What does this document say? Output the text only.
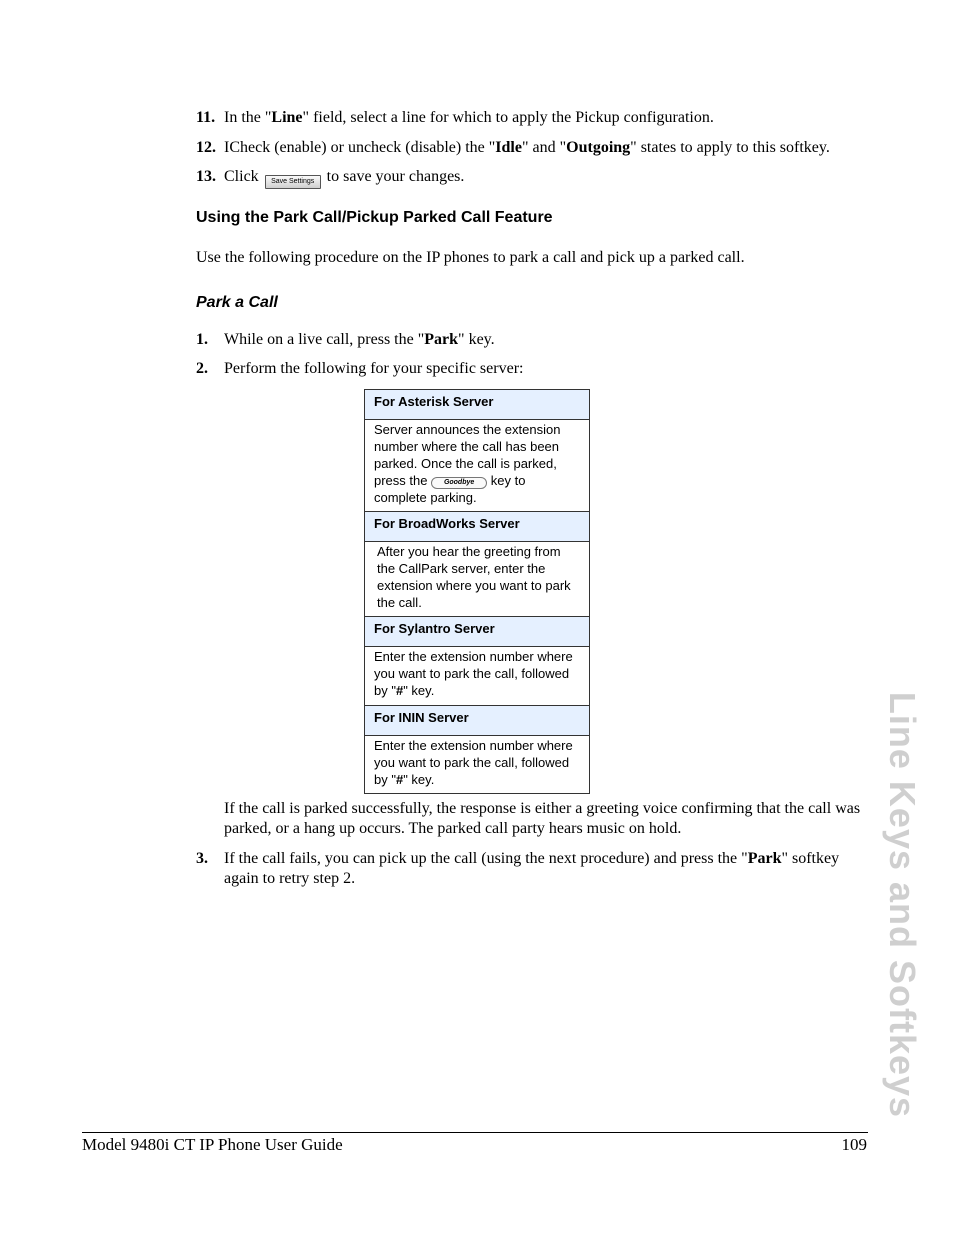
11. In the "Line" field, select a line for which to apply the Pickup configuration.
12. ICheck (enable) or uncheck (disable) the "Idle" and "Outgoing" states to apply to this softkey.
13. Click Save Settings to save your changes.
Using the Park Call/Pickup Parked Call Feature
Use the following procedure on the IP phones to park a call and pick up a parked call.
Park a Call
1. While on a live call, press the "Park" key.
2. Perform the following for your specific server:
For Asterisk Server
Server announces the extension number where the call has been parked. Once the call is parked, press the Goodbye key to complete parking.
For BroadWorks Server
After you hear the greeting from the CallPark server, enter the extension where you want to park the call.
For Sylantro Server
Enter the extension number where you want to park the call, followed by "#" key.
For ININ Server
Enter the extension number where you want to park the call, followed by "#" key.
If the call is parked successfully, the response is either a greeting voice confirming that the call was parked, or a hang up occurs. The parked call party hears music on hold.
3. If the call fails, you can pick up the call (using the next procedure) and press the "Park" softkey again to retry step 2.	Line Keys and Softkeys
Model 9480i CT IP Phone User Guide	109
